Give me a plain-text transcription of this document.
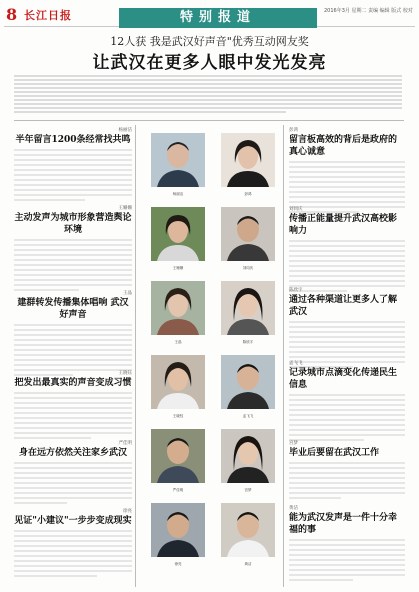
8 长江日报	特别报道	2016年3月 星期二 责编 编辑 版式 校对
12人获 我是武汉好声音"优秀互动网友奖
让武汉在更多人眼中发光发亮
杨丽洁
半年留言1200条经常找共鸣
王姗姗
主动发声为城市形象营造舆论环境
王晶
建群转发传播集体唱响 武汉好声音
王晓钰
把发出最真实的声音变成习惯
严佳明
身在远方依然关注家乡武汉
徐亮
见证"小建议"一步步变成现实
杨丽洁	彭鸿
王姗姗	刘同庆
王晶	陈欣宇
王晓钰	孟飞飞
严佳明	宫梦
徐亮	黄洁
彭鸿
留言板高效的背后是政府的真心诚意
刘同庆
传播正能量提升武汉高校影响力
陈欣宇
通过各种渠道让更多人了解武汉
孟飞飞
记录城市点滴变化传递民生信息
宫梦
毕业后要留在武汉工作
黄洁
能为武汉发声是一件十分幸福的事
